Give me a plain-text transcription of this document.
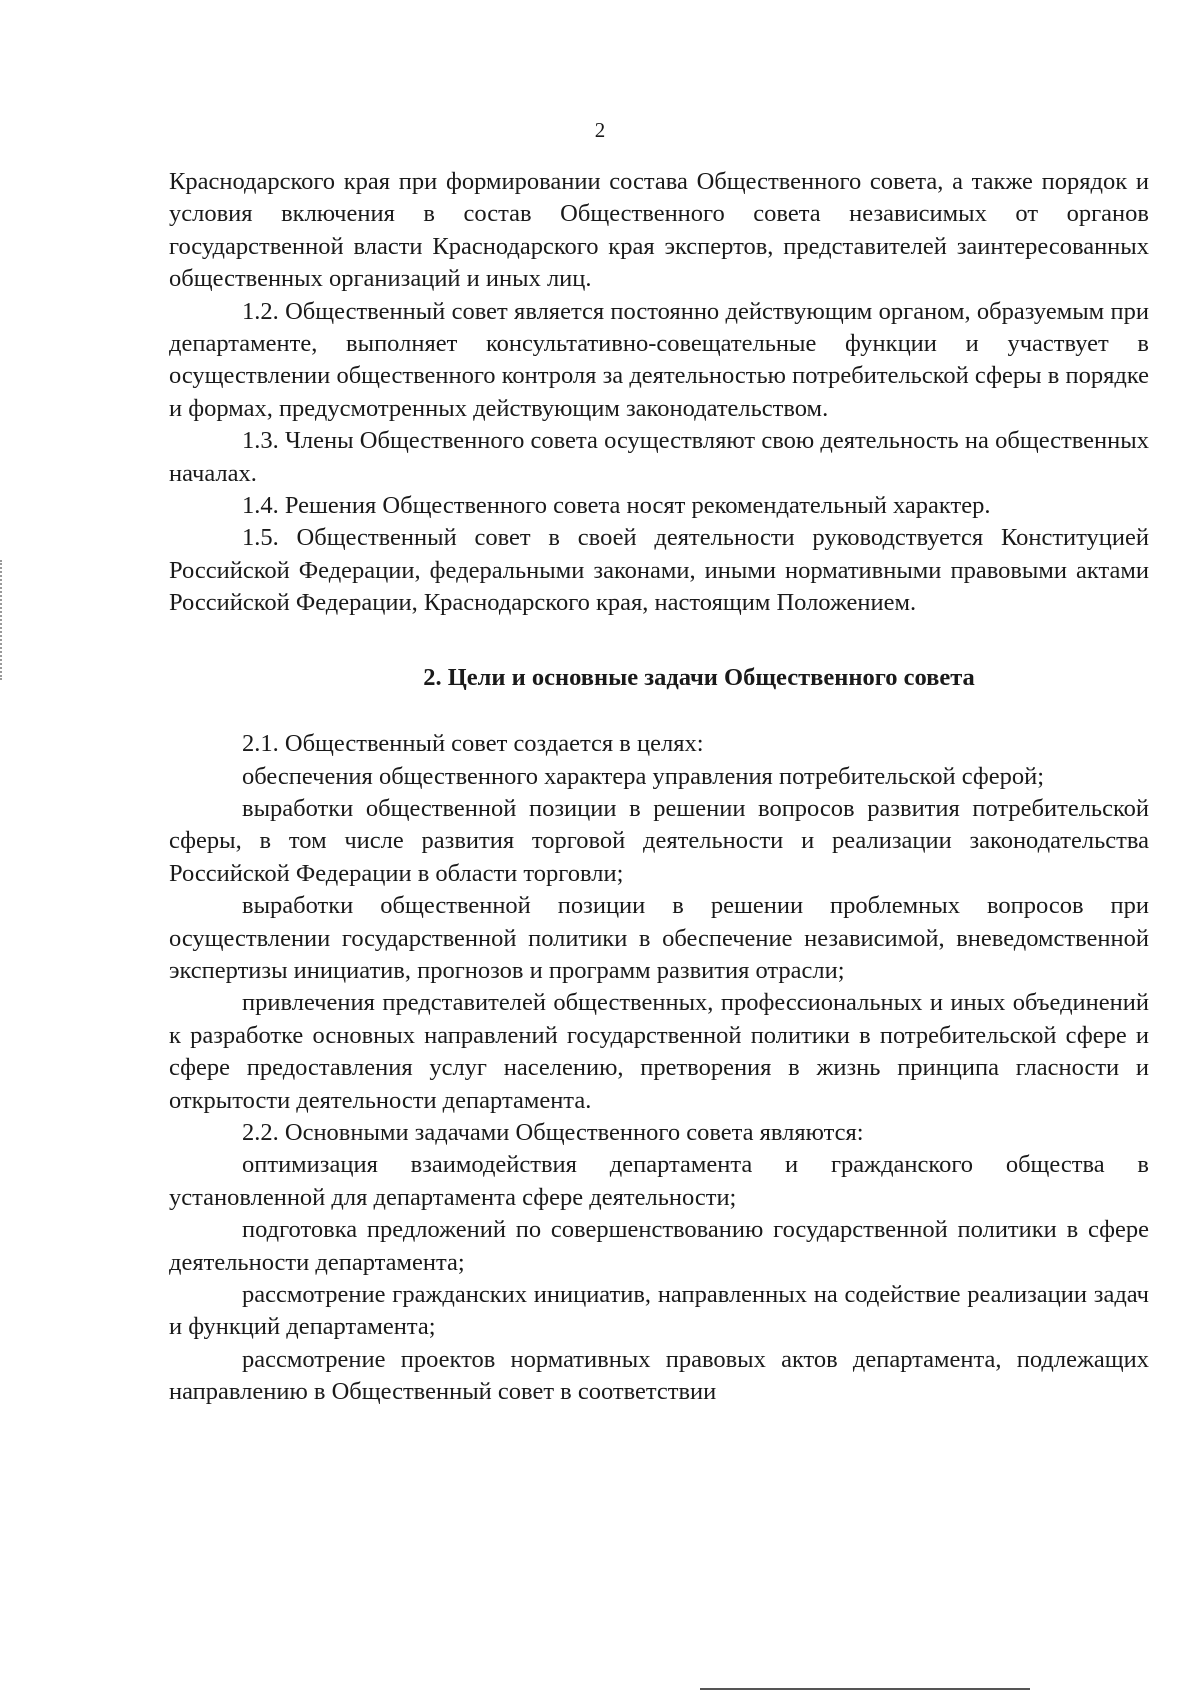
2

Краснодарского края при формировании состава Общественного совета, а также порядок и условия включения в состав Общественного совета независимых от органов государственной власти Краснодарского края экспертов, представителей заинтересованных общественных организаций и иных лиц.

1.2. Общественный совет является постоянно действующим органом, образуемым при департаменте, выполняет консультативно-совещательные функции и участвует в осуществлении общественного контроля за деятельностью потребительской сферы в порядке и формах, предусмотренных действующим законодательством.

1.3. Члены Общественного совета осуществляют свою деятельность на общественных началах.

1.4. Решения Общественного совета носят рекомендательный характер.

1.5. Общественный совет в своей деятельности руководствуется Конституцией Российской Федерации, федеральными законами, иными нормативными правовыми актами Российской Федерации, Краснодарского края, настоящим Положением.

2. Цели и основные задачи Общественного совета

2.1. Общественный совет создается в целях:

обеспечения общественного характера управления потребительской сферой;

выработки общественной позиции в решении вопросов развития потребительской сферы, в том числе развития торговой деятельности и реализации законодательства Российской Федерации в области торговли;

выработки общественной позиции в решении проблемных вопросов при осуществлении государственной политики в обеспечение независимой, вневедомственной экспертизы инициатив, прогнозов и программ развития отрасли;

привлечения представителей общественных, профессиональных и иных объединений к разработке основных направлений государственной политики в потребительской сфере и сфере предоставления услуг населению, претворения в жизнь принципа гласности и открытости деятельности департамента.

2.2. Основными задачами Общественного совета являются:

оптимизация взаимодействия департамента и гражданского общества в установленной для департамента сфере деятельности;

подготовка предложений по совершенствованию государственной политики в сфере деятельности департамента;

рассмотрение гражданских инициатив, направленных на содействие реализации задач и функций департамента;

рассмотрение проектов нормативных правовых актов департамента, подлежащих направлению в Общественный совет в соответствии
